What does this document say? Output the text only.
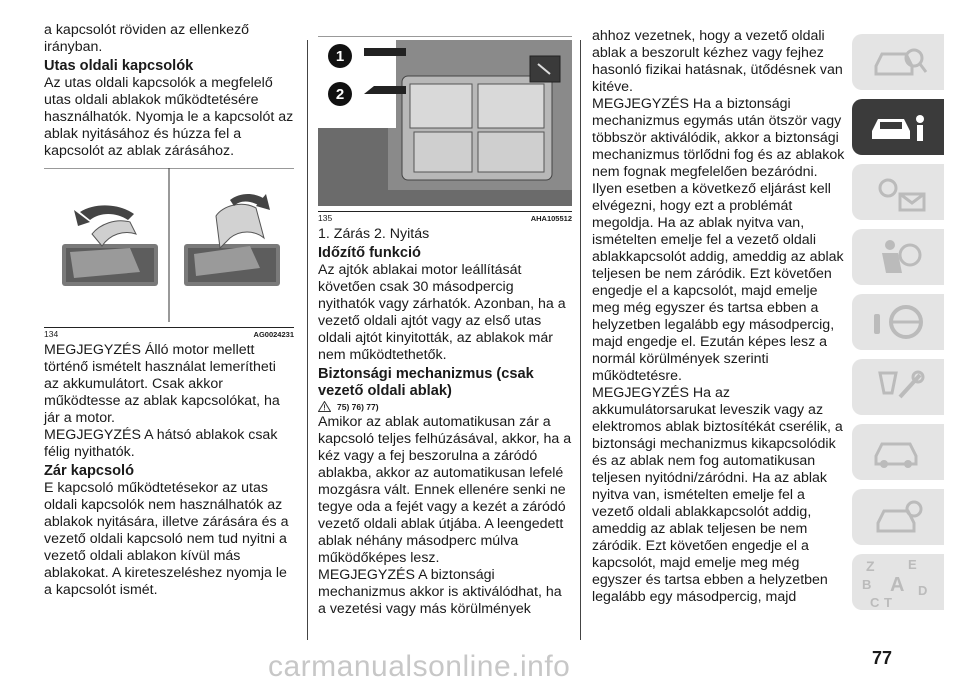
a kapcsolót röviden az ellenkező irányban.

Utas oldali kapcsolók

Az utas oldali kapcsolók a megfelelő utas oldali ablakok működtetésére használhatók. Nyomja le a kapcsolót az ablak nyitásához és húzza fel a kapcsolót az ablak zárásához.

134	AG0024231

MEGJEGYZÉS Álló motor mellett történő ismételt használat lemerítheti az akkumulátort. Csak akkor működtesse az ablak kapcsolókat, ha jár a motor.

MEGJEGYZÉS A hátsó ablakok csak félig nyithatók.

Zár kapcsoló

E kapcsoló működtetésekor az utas oldali kapcsolók nem használhatók az ablakok nyitására, illetve zárására és a vezető oldali kapcsoló nem tud nyitni a vezető oldali ablakon kívül más ablakokat. A kireteszeléshez nyomja le a kapcsolót ismét.

1
2
135	AHA105512

1. Zárás 2. Nyitás

Időzítő funkció

Az ajtók ablakai motor leállítását követően csak 30 másodpercig nyithatók vagy zárhatók. Azonban, ha a vezető oldali ajtót vagy az első utas oldali ajtót kinyitották, az ablakok már nem működtethetők.

Biztonsági mechanizmus (csak vezető oldali ablak)
75) 76) 77)

Amikor az ablak automatikusan zár a kapcsoló teljes felhúzásával, akkor, ha a kéz vagy a fej beszorulna a záródó ablakba, akkor az automatikusan lefelé mozgásra vált. Ennek ellenére senki ne tegye oda a fejét vagy a kezét a záródó vezető oldali ablak útjába. A leengedett ablak néhány másodperc múlva működőképes lesz.

MEGJEGYZÉS A biztonsági mechanizmus akkor is aktiválódhat, ha a vezetési vagy más körülmények

ahhoz vezetnek, hogy a vezető oldali ablak a beszorult kézhez vagy fejhez hasonló fizikai hatásnak, ütődésnek van kitéve.

MEGJEGYZÉS Ha a biztonsági mechanizmus egymás után ötször vagy többször aktiválódik, akkor a biztonsági mechanizmus törlődni fog és az ablakok nem fognak megfelelően bezáródni. Ilyen esetben a következő eljárást kell elvégezni, hogy ezt a problémát megoldja. Ha az ablak nyitva van, ismételten emelje fel a vezető oldali ablakkapcsolót addig, ameddig az ablak teljesen be nem záródik. Ezt követően engedje el a kapcsolót, majd emelje meg még egyszer és tartsa ebben a helyzetben legalább egy másodpercig, majd engedje el. Ezután képes lesz a normál körülmények szerinti működtetésre.

MEGJEGYZÉS Ha az akkumulátorsarukat leveszik vagy az elektromos ablak biztosítékát cserélik, a biztonsági mechanizmus kikapcsolódik és az ablak nem fog automatikusan teljesen nyitódni/záródni. Ha az ablak nyitva van, ismételten emelje fel a vezető oldali ablakkapcsolót addig, ameddig az ablak teljesen be nem záródik. Ezt követően engedje el a kapcsolót, majd emelje meg még egyszer és tartsa ebben a helyzetben legalább egy másodpercig, majd

Z	E
B A
C T
D
carmanualsonline.info	77
